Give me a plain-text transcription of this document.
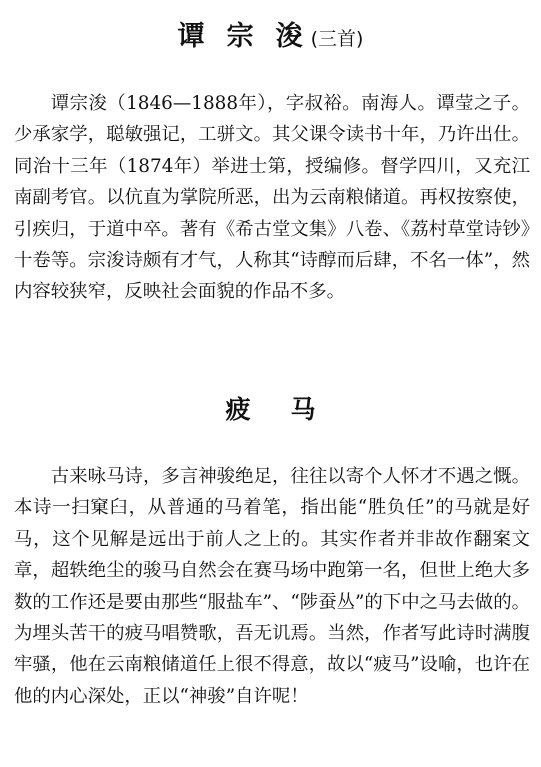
谭宗浚(三首)

谭宗浚（1846—1888年），字叔裕。南海人。谭莹之子。少承家学，聪敏强记，工骈文。其父课令读书十年，乃许出仕。同治十三年（1874年）举进士第，授编修。督学四川，又充江南副考官。以伉直为掌院所恶，出为云南粮储道。再权按察使，引疾归，于道中卒。著有《希古堂文集》八卷、《荔村草堂诗钞》十卷等。宗浚诗颇有才气，人称其“诗醇而后肆，不名一体”，然内容较狭窄，反映社会面貌的作品不多。

疲马

古来咏马诗，多言神骏绝足，往往以寄个人怀才不遇之慨。本诗一扫窠臼，从普通的马着笔，指出能“胜负任”的马就是好马，这个见解是远出于前人之上的。其实作者并非故作翻案文章，超轶绝尘的骏马自然会在赛马场中跑第一名，但世上绝大多数的工作还是要由那些“服盐车”、“陟蚕丛”的下中之马去做的。为埋头苦干的疲马唱赞歌，吾无讥焉。当然，作者写此诗时满腹牢骚，他在云南粮储道任上很不得意，故以“疲马”设喻，也许在他的内心深处，正以“神骏”自许呢！
